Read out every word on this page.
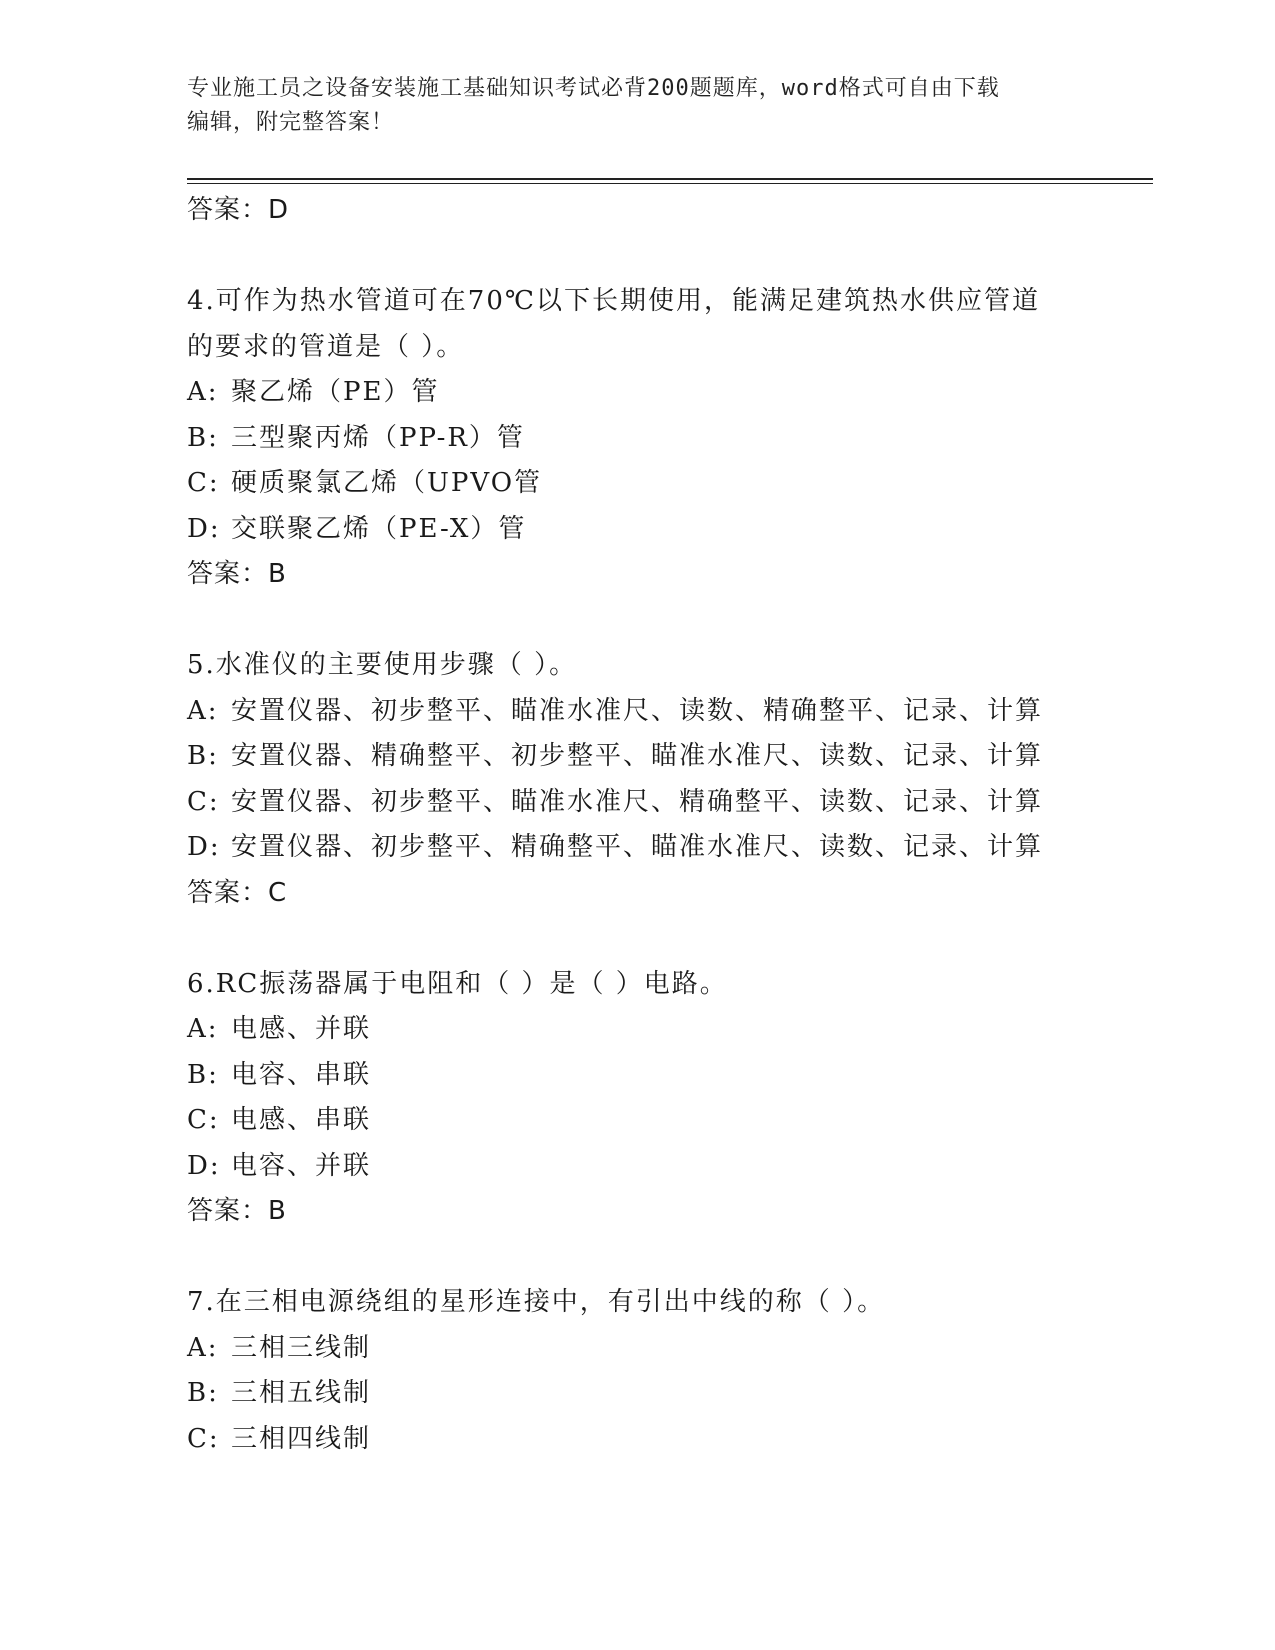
专业施工员之设备安装施工基础知识考试必背200题题库，word格式可自由下载
编辑，附完整答案！
答案：D
4.可作为热水管道可在70℃以下长期使用，能满足建筑热水供应管道
的要求的管道是（ ）。
A: 聚乙烯（PE）管
B: 三型聚丙烯（PP-R）管
C: 硬质聚氯乙烯（UPVO管
D: 交联聚乙烯（PE-X）管
答案：B
5.水准仪的主要使用步骤（ ）。
A: 安置仪器、初步整平、瞄准水准尺、读数、精确整平、记录、计算
B: 安置仪器、精确整平、初步整平、瞄准水准尺、读数、记录、计算
C: 安置仪器、初步整平、瞄准水准尺、精确整平、读数、记录、计算
D: 安置仪器、初步整平、精确整平、瞄准水准尺、读数、记录、计算
答案：C
6.RC振荡器属于电阻和（ ）是（ ）电路。
A: 电感、并联
B: 电容、串联
C: 电感、串联
D: 电容、并联
答案：B
7.在三相电源绕组的星形连接中，有引出中线的称（ ）。
A: 三相三线制
B: 三相五线制
C: 三相四线制
